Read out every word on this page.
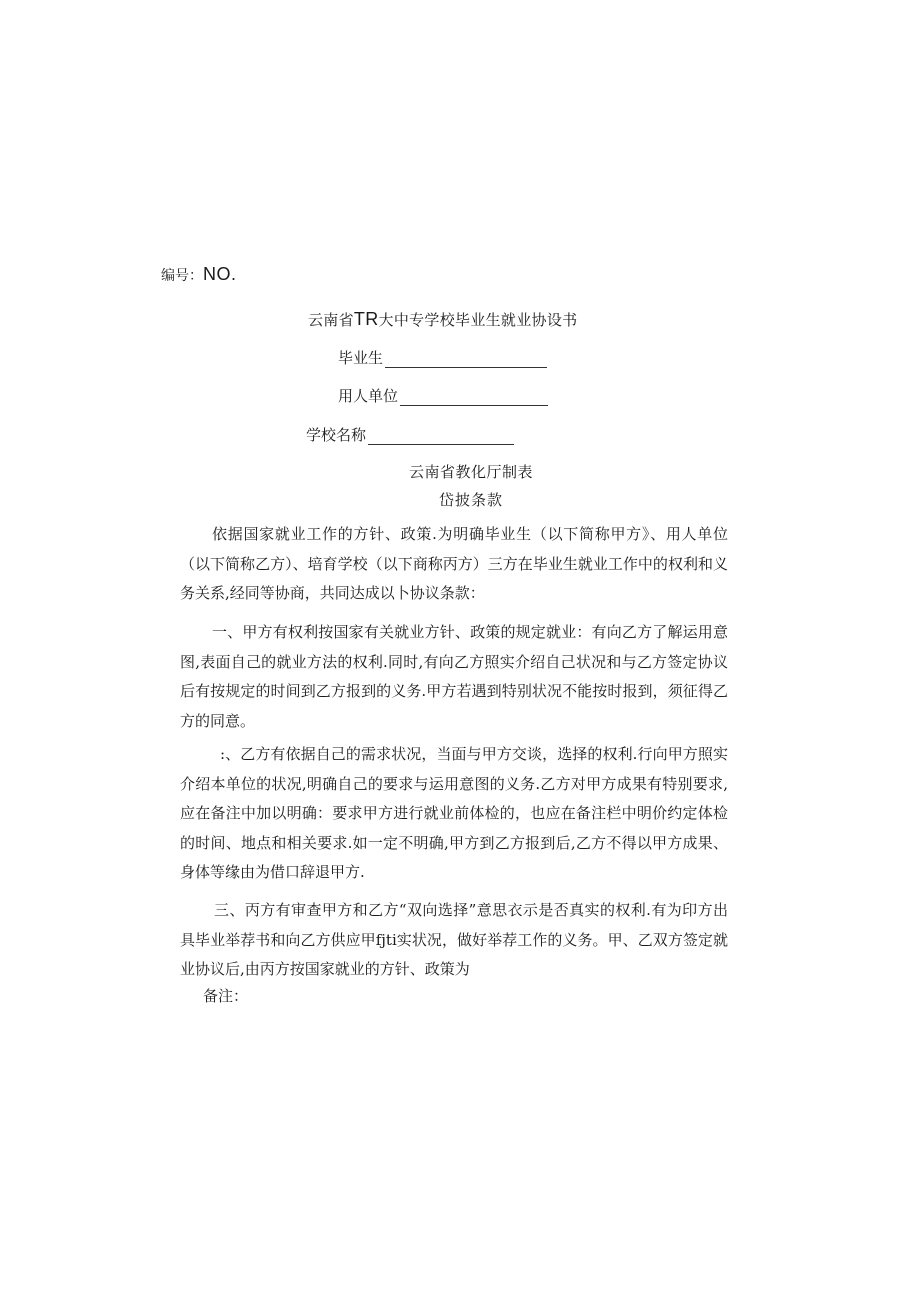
编号：NO.
云南省TR大中专学校毕业生就业协设书
毕业生
用人单位
学校名称
云南省教化厅制表
岱披条款
依据国家就业工作的方针、政策.为明确毕业生（以下简称甲方》、用人单位（以下简称乙方）、培育学校（以下商称丙方）三方在毕业生就业工作中的权利和义务关系,经同等协商，共同达成以卜协议条款：
一、甲方有权利按国家有关就业方针、政策的规定就业：有向乙方了解运用意图,表面自己的就业方法的权利.同时,有向乙方照实介绍自己状况和与乙方签定协议后有按规定的时间到乙方报到的义务.甲方若遇到特别状况不能按时报到，须征得乙方的同意。
:、乙方有依据自己的需求状况，当面与甲方交谈，选择的权利.行向甲方照实介绍本单位的状况,明确自己的要求与运用意图的义务.乙方对甲方成果有特别要求,应在备注中加以明确：要求甲方进行就业前体检的，也应在备注栏中明价约定体检的时间、地点和相关要求.如一定不明确,甲方到乙方报到后,乙方不得以甲方成果、身体等缘由为借口辞退甲方.
三、丙方有审查甲方和乙方“双向选择”意思衣示是否真实的权利.有为印方出具毕业举荐书和向乙方供应甲fjti实状况，做好举荐工作的义务。甲、乙双方签定就业协议后,由丙方按国家就业的方针、政策为
备注：
